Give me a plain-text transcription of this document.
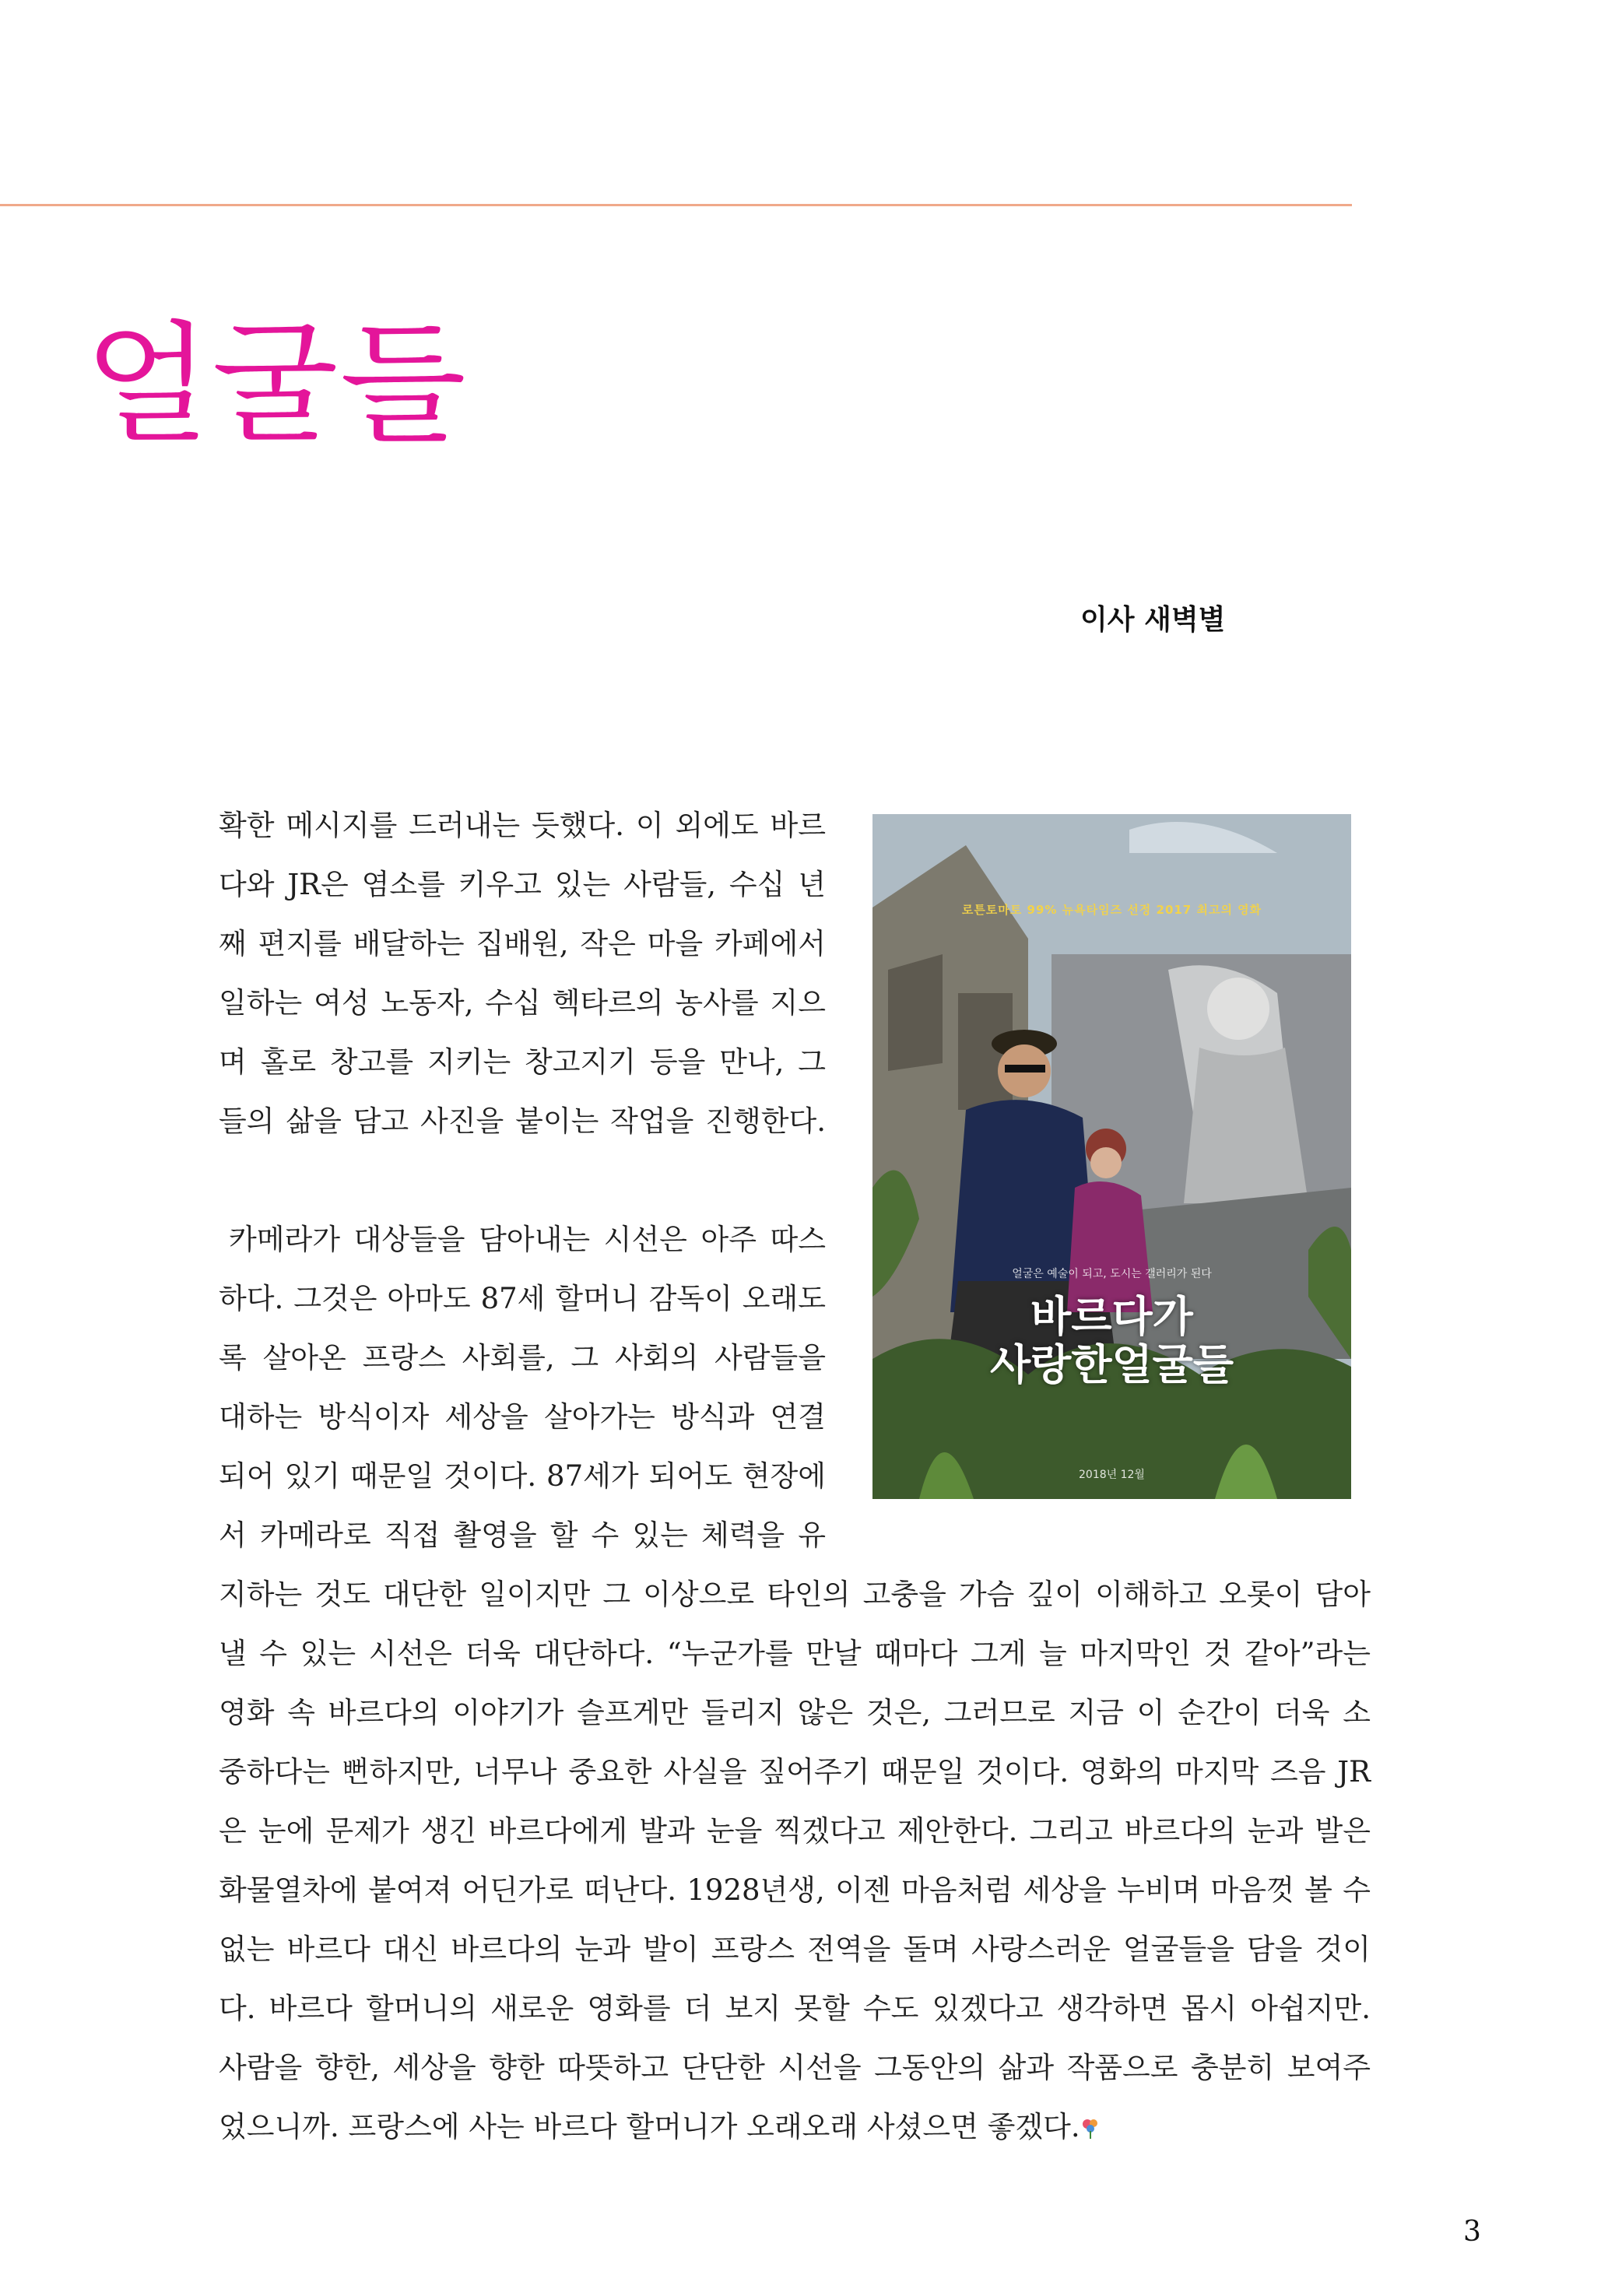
얼굴들
이사 새벽별
확한 메시지를 드러내는 듯했다. 이 외에도 바르
다와 JR은 염소를 키우고 있는 사람들, 수십 년
째 편지를 배달하는 집배원, 작은 마을 카페에서
일하는 여성 노동자, 수십 헥타르의 농사를 지으
며 홀로 창고를 지키는 창고지기 등을 만나, 그
들의 삶을 담고 사진을 붙이는 작업을 진행한다.
카메라가 대상들을 담아내는 시선은 아주 따스
하다. 그것은 아마도 87세 할머니 감독이 오래도
록 살아온 프랑스 사회를, 그 사회의 사람들을
대하는 방식이자 세상을 살아가는 방식과 연결
되어 있기 때문일 것이다. 87세가 되어도 현장에
서 카메라로 직접 촬영을 할 수 있는 체력을 유
지하는 것도 대단한 일이지만 그 이상으로 타인의 고충을 가슴 깊이 이해하고 오롯이 담아
낼 수 있는 시선은 더욱 대단하다. “누군가를 만날 때마다 그게 늘 마지막인 것 같아”라는
영화 속 바르다의 이야기가 슬프게만 들리지 않은 것은, 그러므로 지금 이 순간이 더욱 소
중하다는 뻔하지만, 너무나 중요한 사실을 짚어주기 때문일 것이다. 영화의 마지막 즈음 JR
은 눈에 문제가 생긴 바르다에게 발과 눈을 찍겠다고 제안한다. 그리고 바르다의 눈과 발은
화물열차에 붙여져 어딘가로 떠난다. 1928년생, 이젠 마음처럼 세상을 누비며 마음껏 볼 수
없는 바르다 대신 바르다의 눈과 발이 프랑스 전역을 돌며 사랑스러운 얼굴들을 담을 것이
다. 바르다 할머니의 새로운 영화를 더 보지 못할 수도 있겠다고 생각하면 몹시 아쉽지만.
사람을 향한, 세상을 향한 따뜻하고 단단한 시선을 그동안의 삶과 작품으로 충분히 보여주
었으니까. 프랑스에 사는 바르다 할머니가 오래오래 사셨으면 좋겠다.
로튼토마토 99% 뉴욕타임즈 선정 2017 최고의 영화
얼굴은 예술이 되고, 도시는 갤러리가 된다
바르다가
사랑한얼굴들
2018년 12월
3
